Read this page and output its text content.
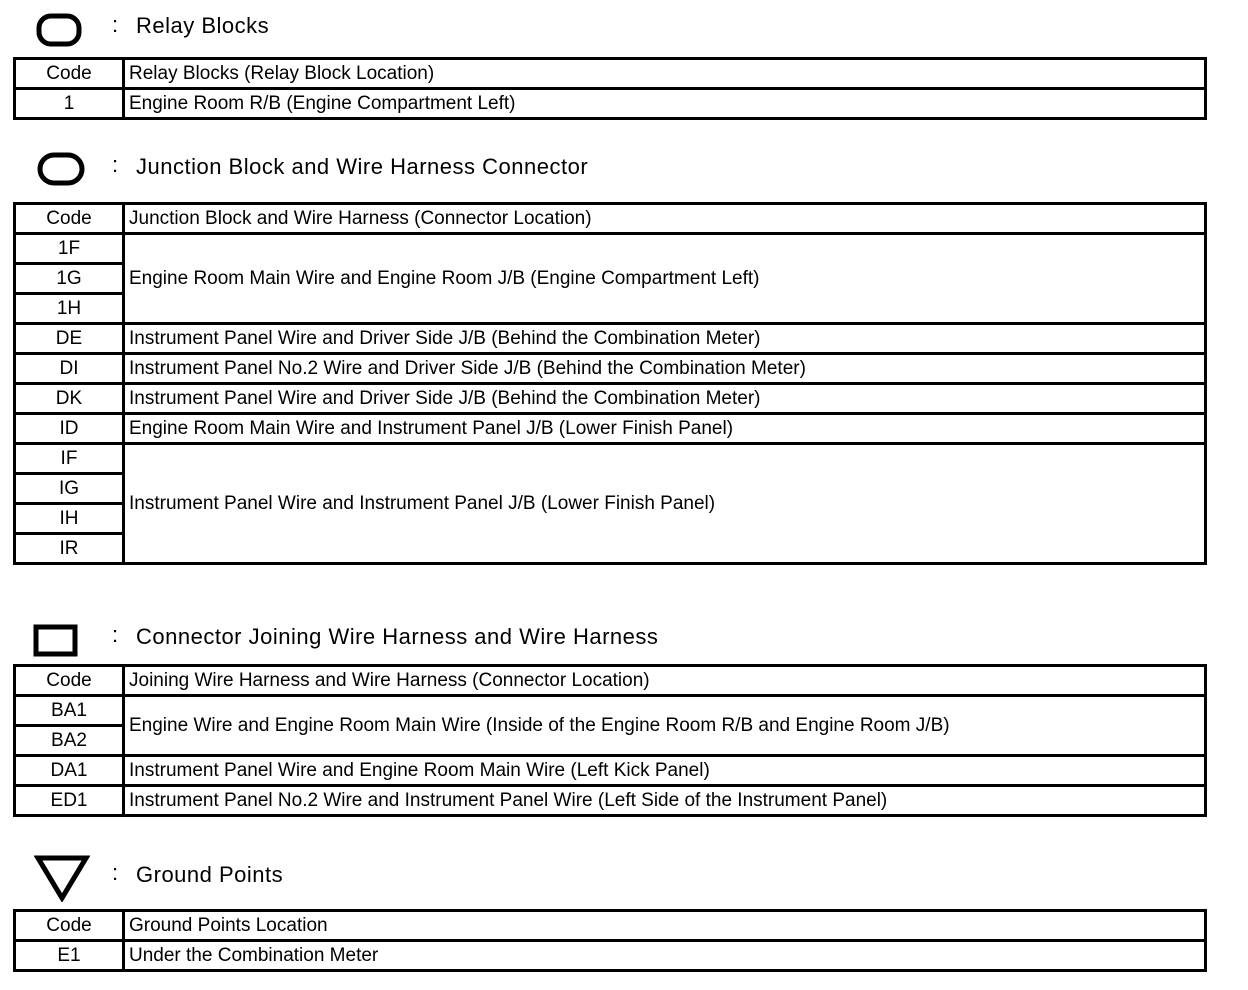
: Relay Blocks
Code	Relay Blocks (Relay Block Location)
1	Engine Room R/B (Engine Compartment Left)
: Junction Block and Wire Harness Connector
Code	Junction Block and Wire Harness (Connector Location)
1F	Engine Room Main Wire and Engine Room J/B (Engine Compartment Left)
1G	
1H	
DE	Instrument Panel Wire and Driver Side J/B (Behind the Combination Meter)
DI	Instrument Panel No.2 Wire and Driver Side J/B (Behind the Combination Meter)
DK	Instrument Panel Wire and Driver Side J/B (Behind the Combination Meter)
ID	Engine Room Main Wire and Instrument Panel J/B (Lower Finish Panel)
IF	Instrument Panel Wire and Instrument Panel J/B (Lower Finish Panel)
IG	
IH	
IR	
: Connector Joining Wire Harness and Wire Harness
Code	Joining Wire Harness and Wire Harness (Connector Location)
BA1	Engine Wire and Engine Room Main Wire (Inside of the Engine Room R/B and Engine Room J/B)
BA2	
DA1	Instrument Panel Wire and Engine Room Main Wire (Left Kick Panel)
ED1	Instrument Panel No.2 Wire and Instrument Panel Wire (Left Side of the Instrument Panel)
: Ground Points
Code	Ground Points Location
E1	Under the Combination Meter
